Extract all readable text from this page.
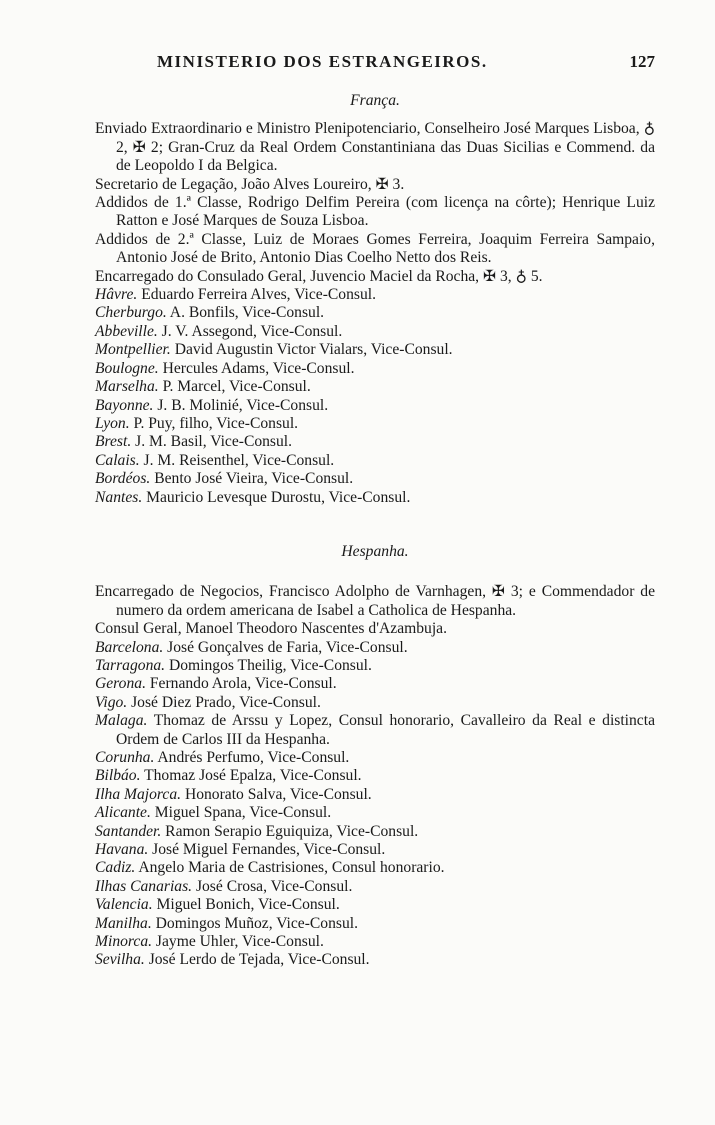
MINISTERIO DOS ESTRANGEIROS.	127
França.

Enviado Extraordinario e Ministro Plenipotenciario, Conselheiro José Marques Lisboa, ♁ 2, ✠ 2; Gran-Cruz da Real Ordem Constantiniana das Duas Sicilias e Commend. da de Leopoldo I da Belgica.

Secretario de Legação, João Alves Loureiro, ✠ 3.

Addidos de 1.ª Classe, Rodrigo Delfim Pereira (com licença na côrte); Henrique Luiz Ratton e José Marques de Souza Lisboa.

Addidos de 2.ª Classe, Luiz de Moraes Gomes Ferreira, Joaquim Ferreira Sampaio, Antonio José de Brito, Antonio Dias Coelho Netto dos Reis.

Encarregado do Consulado Geral, Juvencio Maciel da Rocha, ✠ 3, ♁ 5.

Hâvre. Eduardo Ferreira Alves, Vice-Consul.

Cherburgo. A. Bonfils, Vice-Consul.

Abbeville. J. V. Assegond, Vice-Consul.

Montpellier. David Augustin Victor Vialars, Vice-Consul.

Boulogne. Hercules Adams, Vice-Consul.

Marselha. P. Marcel, Vice-Consul.

Bayonne. J. B. Molinié, Vice-Consul.

Lyon. P. Puy, filho, Vice-Consul.

Brest. J. M. Basil, Vice-Consul.

Calais. J. M. Reisenthel, Vice-Consul.

Bordéos. Bento José Vieira, Vice-Consul.

Nantes. Mauricio Levesque Durostu, Vice-Consul.

Hespanha.

Encarregado de Negocios, Francisco Adolpho de Varnhagen, ✠ 3; e Commendador de numero da ordem americana de Isabel a Catholica de Hespanha.

Consul Geral, Manoel Theodoro Nascentes d'Azambuja.

Barcelona. José Gonçalves de Faria, Vice-Consul.

Tarragona. Domingos Theilig, Vice-Consul.

Gerona. Fernando Arola, Vice-Consul.

Vigo. José Diez Prado, Vice-Consul.

Malaga. Thomaz de Arssu y Lopez, Consul honorario, Cavalleiro da Real e distincta Ordem de Carlos III da Hespanha.

Corunha. Andrés Perfumo, Vice-Consul.

Bilbáo. Thomaz José Epalza, Vice-Consul.

Ilha Majorca. Honorato Salva, Vice-Consul.

Alicante. Miguel Spana, Vice-Consul.

Santander. Ramon Serapio Eguiquiza, Vice-Consul.

Havana. José Miguel Fernandes, Vice-Consul.

Cadiz. Angelo Maria de Castrisiones, Consul honorario.

Ilhas Canarias. José Crosa, Vice-Consul.

Valencia. Miguel Bonich, Vice-Consul.

Manilha. Domingos Muñoz, Vice-Consul.

Minorca. Jayme Uhler, Vice-Consul.

Sevilha. José Lerdo de Tejada, Vice-Consul.
